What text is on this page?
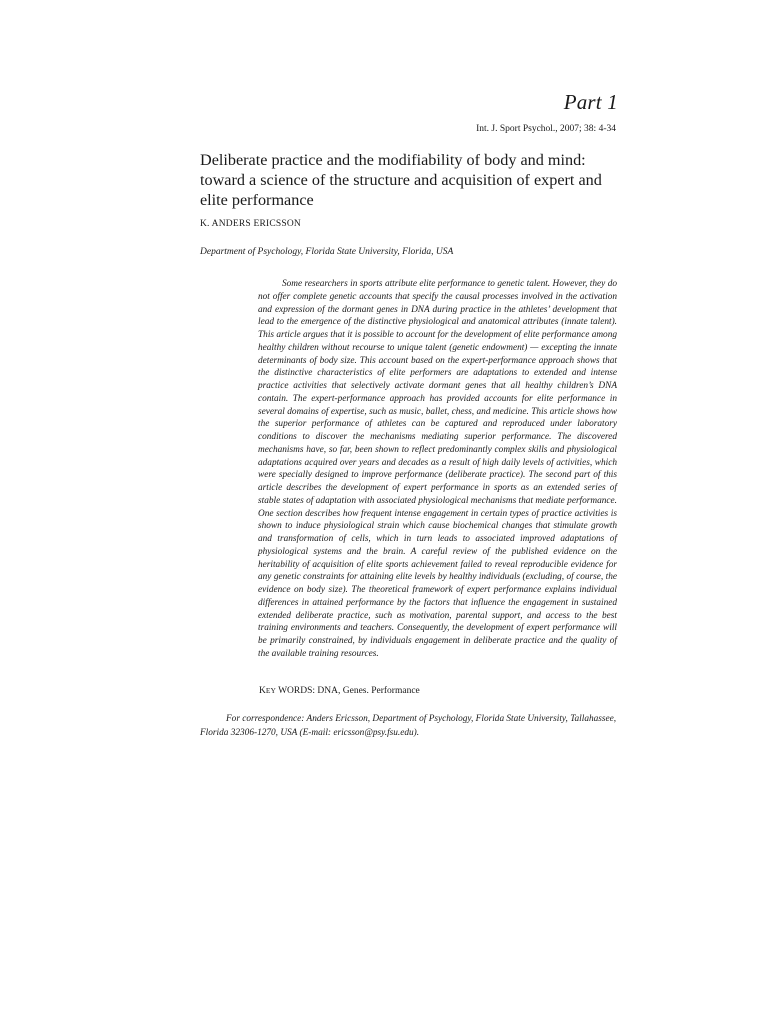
Part 1
Int. J. Sport Psychol., 2007; 38: 4-34
Deliberate practice and the modifiability of body and mind: toward a science of the structure and acquisition of expert and elite performance
K. ANDERS ERICSSON
Department of Psychology, Florida State University, Florida, USA

Some researchers in sports attribute elite performance to genetic talent. However, they do not offer complete genetic accounts that specify the causal processes involved in the activation and expression of the dormant genes in DNA during practice in the athletes’ development that lead to the emergence of the distinctive physiological and anatomical attributes (innate talent). This article argues that it is possible to account for the development of elite performance among healthy children without recourse to unique talent (genetic endowment) — excepting the innate determinants of body size. This account based on the expert-performance approach shows that the distinctive characteristics of elite performers are adaptations to extended and intense practice activities that selectively activate dormant genes that all healthy children’s DNA contain. The expert-performance approach has provided accounts for elite performance in several domains of expertise, such as music, ballet, chess, and medicine. This article shows how the superior performance of athletes can be captured and reproduced under laboratory conditions to discover the mechanisms mediating superior performance. The discovered mechanisms have, so far, been shown to reflect predominantly complex skills and physiological adaptations acquired over years and decades as a result of high daily levels of activities, which were specially designed to improve performance (deliberate practice). The second part of this article describes the development of expert performance in sports as an extended series of stable states of adaptation with associated physiological mechanisms that mediate performance. One section describes how frequent intense engagement in certain types of practice activities is shown to induce physiological strain which cause biochemical changes that stimulate growth and transformation of cells, which in turn leads to associated improved adaptations of physiological systems and the brain. A careful review of the published evidence on the heritability of acquisition of elite sports achievement failed to reveal reproducible evidence for any genetic constraints for attaining elite levels by healthy individuals (excluding, of course, the evidence on body size). The theoretical framework of expert performance explains individual differences in attained performance by the factors that influence the engagement in sustained extended deliberate practice, such as motivation, parental support, and access to the best training environments and teachers. Consequently, the development of expert performance will be primarily constrained, by individuals engagement in deliberate practice and the quality of the available training resources.

KEY WORDS: DNA, Genes. Performance

For correspondence: Anders Ericsson, Department of Psychology, Florida State University, Tallahassee, Florida 32306-1270, USA (E-mail: ericsson@psy.fsu.edu).
